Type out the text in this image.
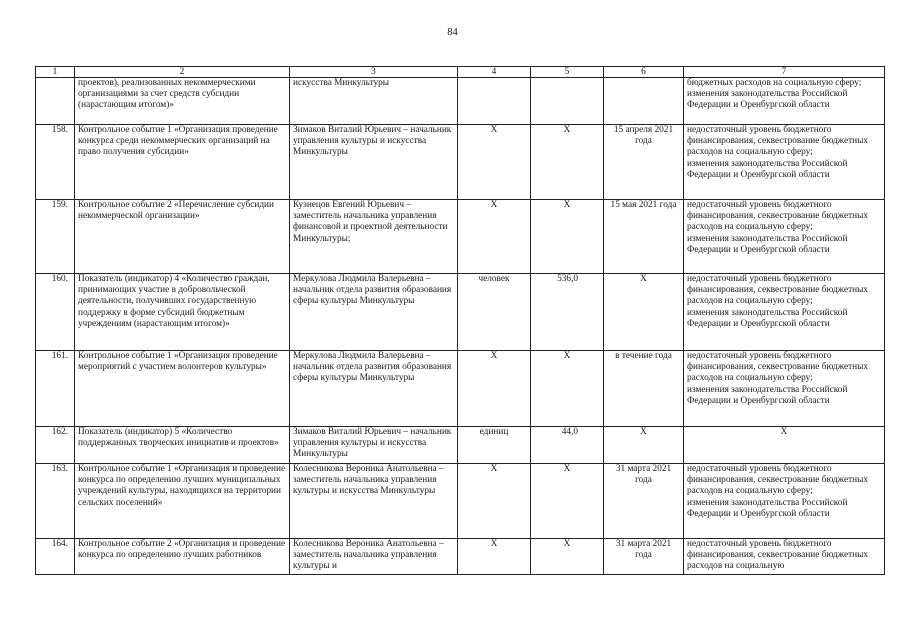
84
1	2	3	4	5	6	7
	проектов), реализованных некоммерческими организациями за счет средств субсидии (нарастающим итогом)»	искусства Минкультуры				бюджетных расходов на социальную сферу;
изменения законодательства Российской Федерации и Оренбургской области
158.	Контрольное событие 1 «Организация проведение конкурса среди некоммерческих организаций на право получения субсидии»	Зимаков Виталий Юрьевич – начальник управления культуры и искусства Минкультуры	Х	Х	15 апреля 2021 года	недостаточный уровень бюджетного финансирования, секвестрование бюджетных расходов на социальную сферу;
изменения законодательства Российской Федерации и Оренбургской области
159.	Контрольное событие 2 «Перечисление субсидии некоммерческой организации»	Кузнецов Евгений Юрьевич – заместитель начальника управления финансовой и проектной деятельности Минкультуры;	Х	Х	15 мая 2021 года	недостаточный уровень бюджетного финансирования, секвестрование бюджетных расходов на социальную сферу;
изменения законодательства Российской Федерации и Оренбургской области
160.	Показатель (индикатор) 4 «Количество граждан, принимающих участие в добровольческой деятельности, получивших государственную поддержку в форме субсидий бюджетным учреждениям (нарастающим итогом)»	Меркулова Людмила Валерьевна – начальник отдела развития образования сферы культуры Минкультуры	человек	536,0	Х	недостаточный уровень бюджетного финансирования, секвестрование бюджетных расходов на социальную сферу;
изменения законодательства Российской Федерации и Оренбургской области
161.	Контрольное событие 1 «Организация проведение мероприятий с участием волонтеров культуры»	Меркулова Людмила Валерьевна – начальник отдела развития образования сферы культуры Минкультуры	Х	Х	в течение года	недостаточный уровень бюджетного финансирования, секвестрование бюджетных расходов на социальную сферу;
изменения законодательства Российской Федерации и Оренбургской области
162.	Показатель (индикатор) 5 «Количество поддержанных творческих инициатив и проектов»	Зимаков Виталий Юрьевич – начальник управления культуры и искусства Минкультуры	единиц	44,0	Х	Х
163.	Контрольное событие 1 «Организация и проведение конкурса по определению лучших муниципальных учреждений культуры, находящихся на территории сельских поселений»	Колесникова Вероника Анатольевна – заместитель начальника управления культуры и искусства Минкультуры	Х	Х	31 марта 2021 года	недостаточный уровень бюджетного финансирования, секвестрование бюджетных расходов на социальную сферу;
изменения законодательства Российской Федерации и Оренбургской области
164.	Контрольное событие 2 «Организация и проведение конкурса по определению лучших работников	Колесникова Вероника Анатольевна – заместитель начальника управления культуры и	Х	Х	31 марта 2021 года	недостаточный уровень бюджетного финансирования, секвестрование бюджетных расходов на социальную
